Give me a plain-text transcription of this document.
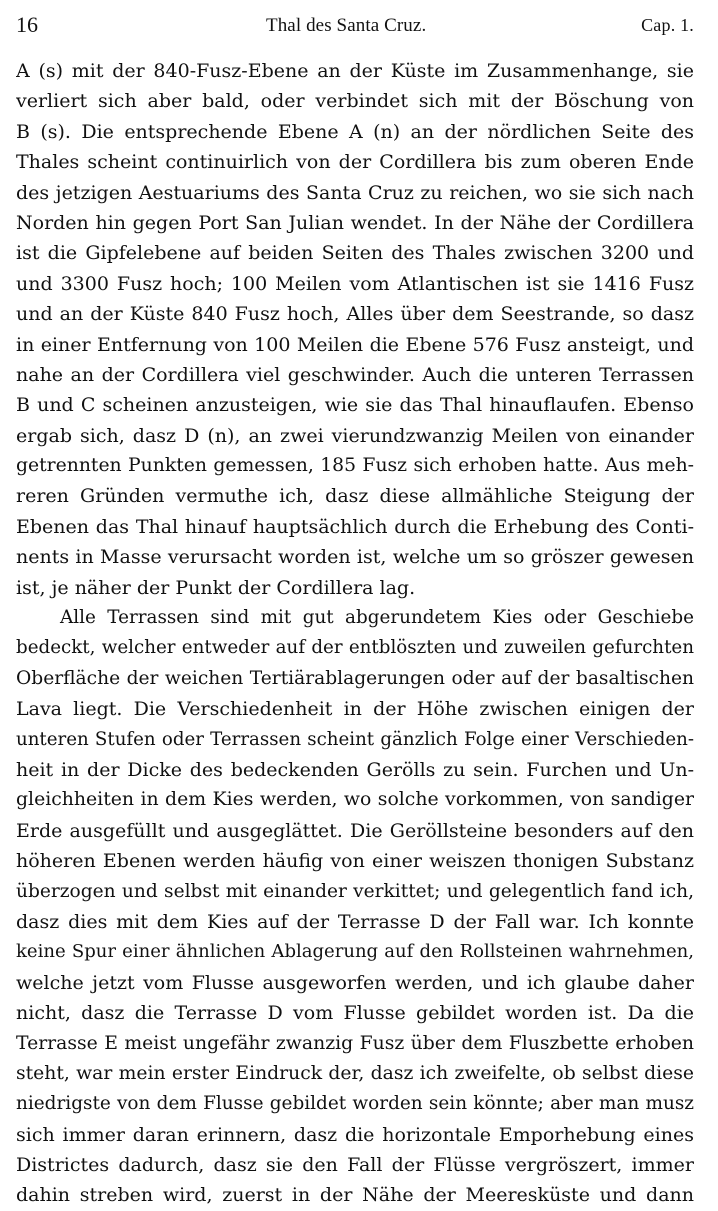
16	Thal des Santa Cruz.	Cap. 1.
A (s) mit der 840-Fusz-Ebene an der Küste im Zusammenhange, sie
verliert sich aber bald, oder verbindet sich mit der Böschung von
B (s). Die entsprechende Ebene A (n) an der nördlichen Seite des
Thales scheint continuirlich von der Cordillera bis zum oberen Ende
des jetzigen Aestuariums des Santa Cruz zu reichen, wo sie sich nach
Norden hin gegen Port San Julian wendet. In der Nähe der Cordillera
ist die Gipfelebene auf beiden Seiten des Thales zwischen 3200 und
und 3300 Fusz hoch; 100 Meilen vom Atlantischen ist sie 1416 Fusz
und an der Küste 840 Fusz hoch, Alles über dem Seestrande, so dasz
in einer Entfernung von 100 Meilen die Ebene 576 Fusz ansteigt, und
nahe an der Cordillera viel geschwinder. Auch die unteren Terrassen
B und C scheinen anzusteigen, wie sie das Thal hinauflaufen. Ebenso
ergab sich, dasz D (n), an zwei vierundzwanzig Meilen von einander
getrennten Punkten gemessen, 185 Fusz sich erhoben hatte. Aus meh-
reren Gründen vermuthe ich, dasz diese allmähliche Steigung der
Ebenen das Thal hinauf hauptsächlich durch die Erhebung des Conti-
nents in Masse verursacht worden ist, welche um so gröszer gewesen
ist, je näher der Punkt der Cordillera lag.
Alle Terrassen sind mit gut abgerundetem Kies oder Geschiebe
bedeckt, welcher entweder auf der entblöszten und zuweilen gefurchten
Oberfläche der weichen Tertiärablagerungen oder auf der basaltischen
Lava liegt. Die Verschiedenheit in der Höhe zwischen einigen der
unteren Stufen oder Terrassen scheint gänzlich Folge einer Verschieden-
heit in der Dicke des bedeckenden Gerölls zu sein. Furchen und Un-
gleichheiten in dem Kies werden, wo solche vorkommen, von sandiger
Erde ausgefüllt und ausgeglättet. Die Geröllsteine besonders auf den
höheren Ebenen werden häufig von einer weiszen thonigen Substanz
überzogen und selbst mit einander verkittet; und gelegentlich fand ich,
dasz dies mit dem Kies auf der Terrasse D der Fall war. Ich konnte
keine Spur einer ähnlichen Ablagerung auf den Rollsteinen wahrnehmen,
welche jetzt vom Flusse ausgeworfen werden, und ich glaube daher
nicht, dasz die Terrasse D vom Flusse gebildet worden ist. Da die
Terrasse E meist ungefähr zwanzig Fusz über dem Fluszbette erhoben
steht, war mein erster Eindruck der, dasz ich zweifelte, ob selbst diese
niedrigste von dem Flusse gebildet worden sein könnte; aber man musz
sich immer daran erinnern, dasz die horizontale Emporhebung eines
Districtes dadurch, dasz sie den Fall der Flüsse vergröszert, immer
dahin streben wird, zuerst in der Nähe der Meeresküste und dann
